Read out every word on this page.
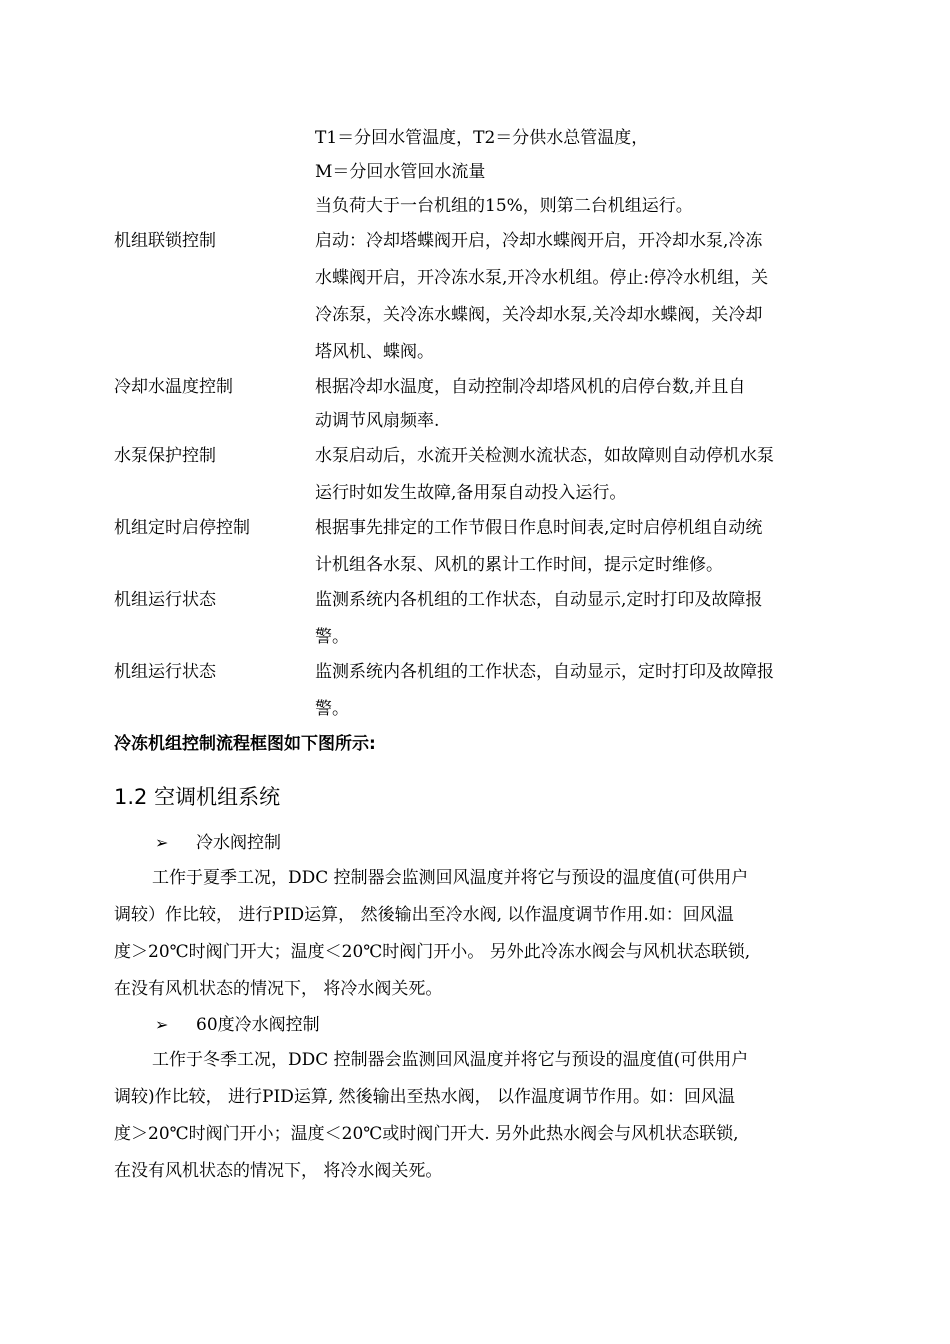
T1＝分回水管温度，T2＝分供水总管温度，
M＝分回水管回水流量
当负荷大于一台机组的15%，则第二台机组运行。
机组联锁控制	启动：冷却塔蝶阀开启，冷却水蝶阀开启，开冷却水泵,冷冻
水蝶阀开启，开冷冻水泵,开冷水机组。停止:停冷水机组，关
冷冻泵，关冷冻水蝶阀，关冷却水泵,关冷却水蝶阀，关冷却
塔风机、蝶阀。
冷却水温度控制	根据冷却水温度，自动控制冷却塔风机的启停台数,并且自
动调节风扇频率.
水泵保护控制	水泵启动后，水流开关检测水流状态，如故障则自动停机水泵
运行时如发生故障,备用泵自动投入运行。
机组定时启停控制	根据事先排定的工作节假日作息时间表,定时启停机组自动统
计机组各水泵、风机的累计工作时间，提示定时维修。
机组运行状态	监测系统内各机组的工作状态，自动显示,定时打印及故障报
警。
机组运行状态	监测系统内各机组的工作状态，自动显示，定时打印及故障报
警。
冷冻机组控制流程框图如下图所示:
1.2 空调机组系统
➢ 冷水阀控制
工作于夏季工况，DDC 控制器会监测回风温度并将它与预设的温度值(可供用户
调较）作比较， 进行PID运算， 然後输出至冷水阀, 以作温度调节作用.如：回风温
度＞20℃时阀门开大；温度＜20℃时阀门开小。 另外此冷冻水阀会与风机状态联锁,
在没有风机状态的情况下， 将冷水阀关死。
➢ 60度冷水阀控制
工作于冬季工况，DDC 控制器会监测回风温度并将它与预设的温度值(可供用户
调较)作比较， 进行PID运算, 然後输出至热水阀， 以作温度调节作用。如：回风温
度＞20℃时阀门开小；温度＜20℃或时阀门开大. 另外此热水阀会与风机状态联锁,
在没有风机状态的情况下， 将冷水阀关死。
